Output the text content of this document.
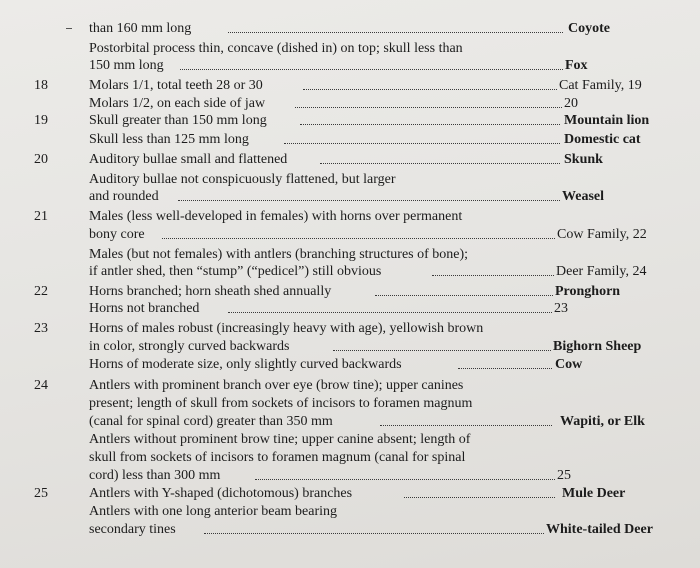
than 160 mm long	Coyote
Postorbital process thin, concave (dished in) on top; skull less than
150 mm long	Fox
18	Molars 1/1, total teeth 28 or 30	Cat Family, 19
Molars 1/2, on each side of jaw	20
19	Skull greater than 150 mm long	Mountain lion
Skull less than 125 mm long	Domestic cat
20	Auditory bullae small and flattened	Skunk
Auditory bullae not conspicuously flattened, but larger
and rounded	Weasel
21	Males (less well-developed in females) with horns over permanent
bony core	Cow Family, 22
Males (but not females) with antlers (branching structures of bone);
if antler shed, then “stump” (“pedicel”) still obvious	Deer Family, 24
22	Horns branched; horn sheath shed annually	Pronghorn
Horns not branched	23
23	Horns of males robust (increasingly heavy with age), yellowish brown
in color, strongly curved backwards	Bighorn Sheep
Horns of moderate size, only slightly curved backwards	Cow
24	Antlers with prominent branch over eye (brow tine); upper canines
present; length of skull from sockets of incisors to foramen magnum
(canal for spinal cord) greater than 350 mm	Wapiti, or Elk
Antlers without prominent brow tine; upper canine absent; length of
skull from sockets of incisors to foramen magnum (canal for spinal
cord) less than 300 mm	25
25	Antlers with Y-shaped (dichotomous) branches	Mule Deer
Antlers with one long anterior beam bearing
secondary tines	White-tailed Deer
